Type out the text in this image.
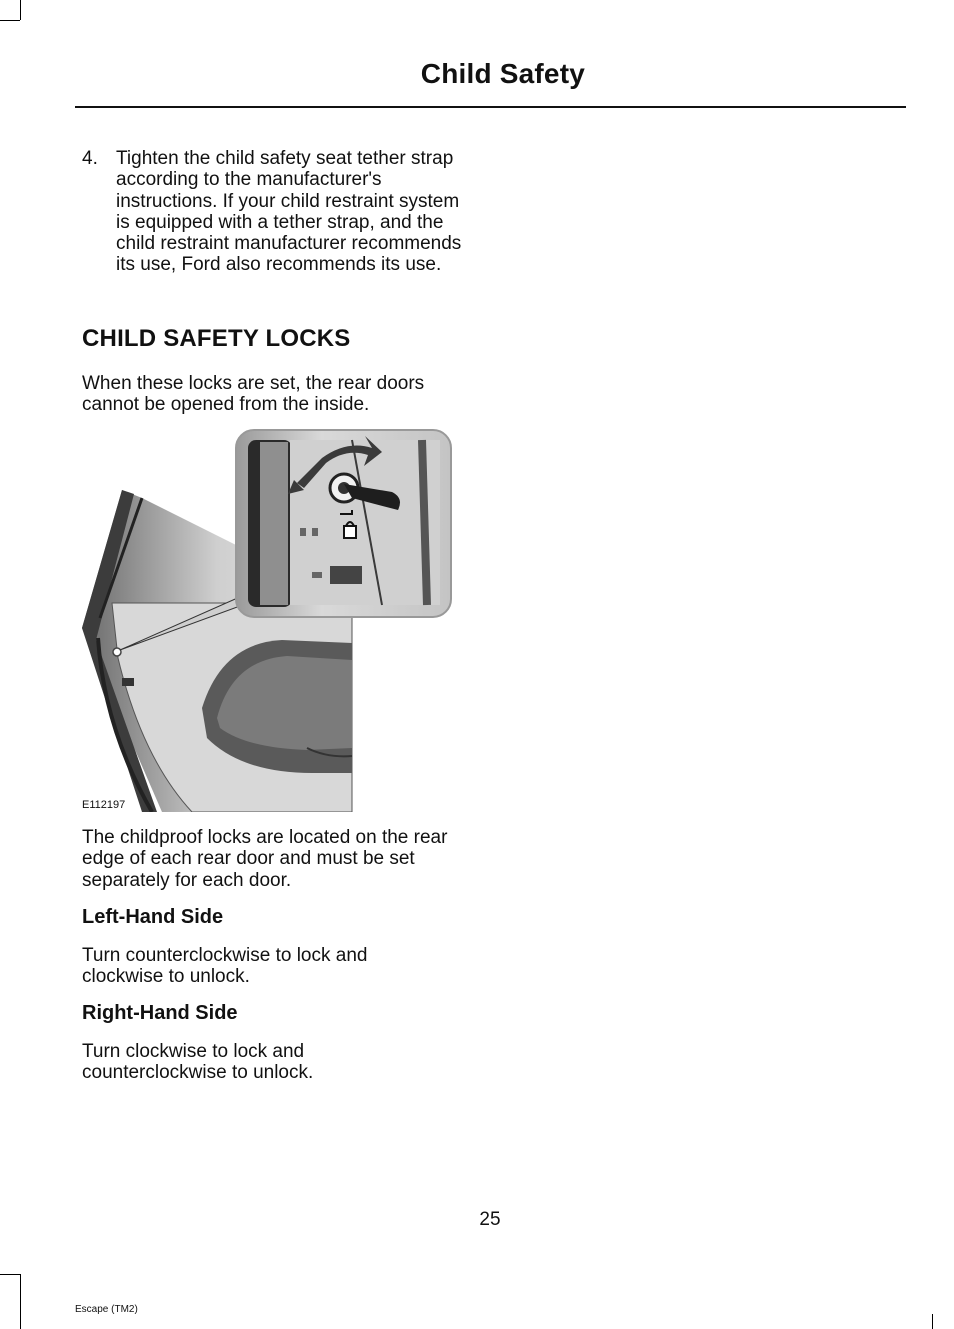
Child Safety

4. Tighten the child safety seat tether strap according to the manufacturer's instructions. If your child restraint system is equipped with a tether strap, and the child restraint manufacturer recommends its use, Ford also recommends its use.

CHILD SAFETY LOCKS

When these locks are set, the rear doors cannot be opened from the inside.

E112197

The childproof locks are located on the rear edge of each rear door and must be set separately for each door.

Left-Hand Side

Turn counterclockwise to lock and clockwise to unlock.

Right-Hand Side

Turn clockwise to lock and counterclockwise to unlock.

25
Escape (TM2)
